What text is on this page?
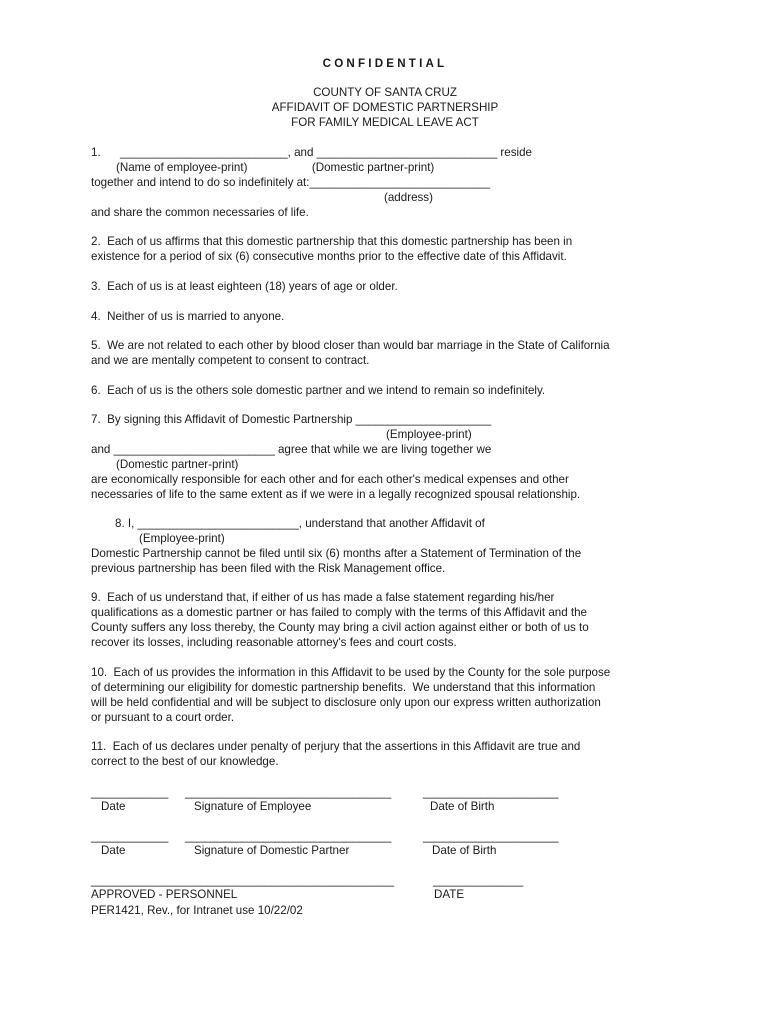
CONFIDENTIAL
COUNTY OF SANTA CRUZ
AFFIDAVIT OF DOMESTIC PARTNERSHIP
FOR FAMILY MEDICAL LEAVE ACT
1.      __________________________, and ____________________________ reside
(Name of employee-print)                    (Domestic partner-print)
together and intend to do so indefinitely at:____________________________
(address)
and share the common necessaries of life.
2.  Each of us affirms that this domestic partnership that this domestic partnership has been in
existence for a period of six (6) consecutive months prior to the effective date of this Affidavit.
3.  Each of us is at least eighteen (18) years of age or older.
4.  Neither of us is married to anyone.
5.  We are not related to each other by blood closer than would bar marriage in the State of California
and we are mentally competent to consent to contract.
6.  Each of us is the others sole domestic partner and we intend to remain so indefinitely.
7.  By signing this Affidavit of Domestic Partnership _____________________
(Employee-print)
and _________________________ agree that while we are living together we
(Domestic partner-print)
are economically responsible for each other and for each other's medical expenses and other
necessaries of life to the same extent as if we were in a legally recognized spousal relationship.
8. I, _________________________, understand that another Affidavit of
(Employee-print)
Domestic Partnership cannot be filed until six (6) months after a Statement of Termination of the
previous partnership has been filed with the Risk Management office.
9.  Each of us understand that, if either of us has made a false statement regarding his/her
qualifications as a domestic partner or has failed to comply with the terms of this Affidavit and the
County suffers any loss thereby, the County may bring a civil action against either or both of us to
recover its losses, including reasonable attorney's fees and court costs.
10.  Each of us provides the information in this Affidavit to be used by the County for the sole purpose
of determining our eligibility for domestic partnership benefits.  We understand that this information
will be held confidential and will be subject to disclosure only upon our express written authorization
or pursuant to a court order.
11.  Each of us declares under penalty of perjury that the assertions in this Affidavit are true and
correct to the best of our knowledge.
____________ ________________________________	_____________________
Date	Signature of Employee	Date of Birth
____________ ________________________________	_____________________
Date	Signature of Domestic Partner	Date of Birth
_______________________________________________	______________
APPROVED - PERSONNEL	DATE
PER1421, Rev., for Intranet use 10/22/02
